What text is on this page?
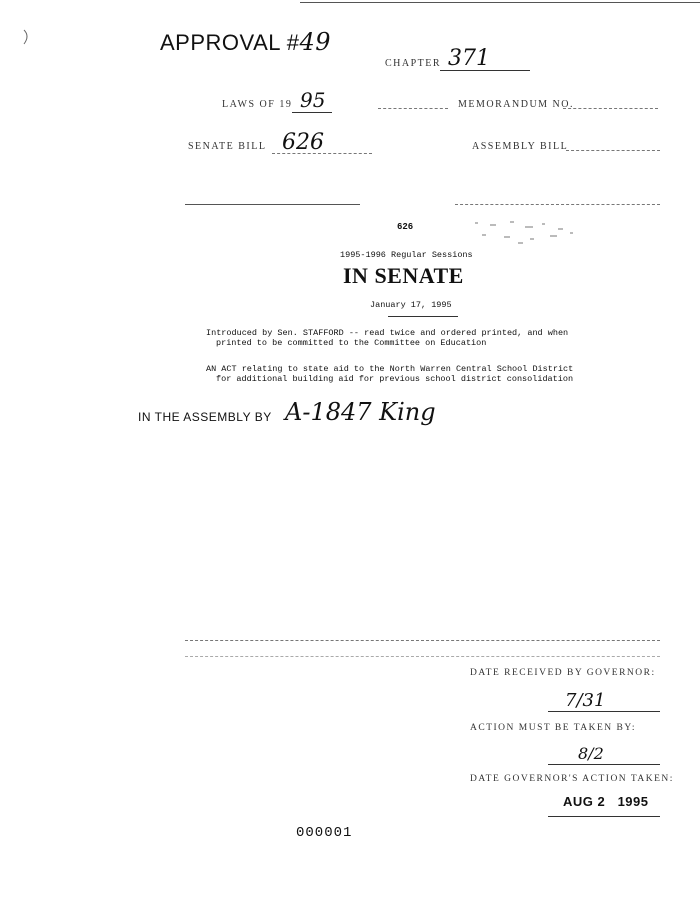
APPROVAL #49
CHAPTER 371
LAWS OF 19 95	MEMORANDUM NO.
SENATE BILL 626	ASSEMBLY BILL
626
1995-1996 Regular Sessions
IN SENATE
January 17, 1995
Introduced by Sen. STAFFORD -- read twice and ordered printed, and when
printed to be committed to the Committee on Education
AN ACT relating to state aid to the North Warren Central School District
for additional building aid for previous school district consolidation
IN THE ASSEMBLY BY A-1847 King
DATE RECEIVED BY GOVERNOR:
7/31
ACTION MUST BE TAKEN BY:
8/2
DATE GOVERNOR'S ACTION TAKEN:
AUG 2   1995
000001
